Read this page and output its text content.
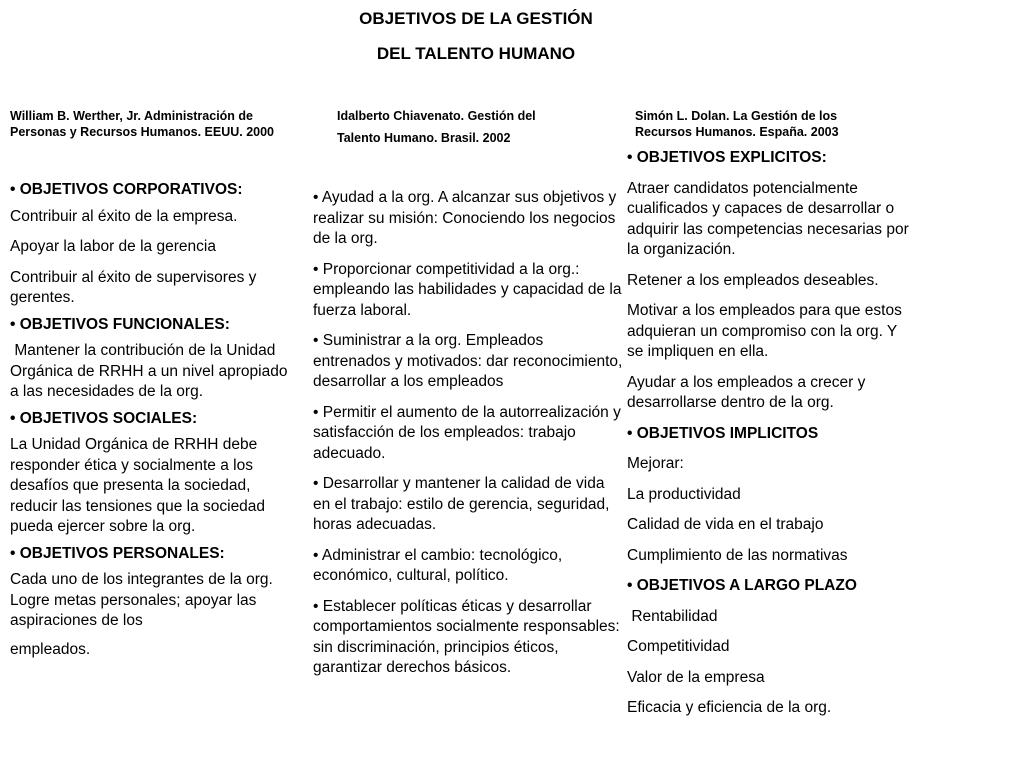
OBJETIVOS DE LA GESTIÓN
DEL TALENTO HUMANO
William B. Werther, Jr. Administración de Personas y Recursos Humanos. EEUU. 2000
Idalberto Chiavenato. Gestión del
Talento Humano. Brasil. 2002
Simón L. Dolan. La Gestión de los Recursos Humanos. España. 2003

• OBJETIVOS CORPORATIVOS:

Contribuir al éxito de la empresa.

Apoyar la labor de la gerencia

Contribuir al éxito de supervisores y gerentes.

• OBJETIVOS FUNCIONALES:

Mantener la contribución de la Unidad Orgánica de RRHH a un nivel apropiado a las necesidades de la org.

• OBJETIVOS SOCIALES:

La Unidad Orgánica de RRHH debe responder ética y socialmente a los desafíos que presenta la sociedad, reducir las tensiones que la sociedad pueda ejercer sobre la org.

• OBJETIVOS PERSONALES:

Cada uno de los integrantes de la org. Logre metas personales; apoyar las aspiraciones de los

empleados.

• Ayudad a la org. A alcanzar sus objetivos y realizar su misión: Conociendo los negocios de la org.

• Proporcionar competitividad a la org.: empleando las habilidades y capacidad de la fuerza laboral.

• Suministrar a la org. Empleados entrenados y motivados: dar reconocimiento, desarrollar a los empleados

• Permitir el aumento de la autorrealización y satisfacción de los empleados: trabajo adecuado.

• Desarrollar y mantener la calidad de vida en el trabajo: estilo de gerencia, seguridad, horas adecuadas.

• Administrar el cambio: tecnológico, económico, cultural, político.

• Establecer políticas éticas y desarrollar comportamientos socialmente responsables: sin discriminación, principios éticos, garantizar derechos básicos.

• OBJETIVOS EXPLICITOS:

Atraer candidatos potencialmente cualificados y capaces de desarrollar o adquirir las competencias necesarias por la organización.

Retener a los empleados deseables.

Motivar a los empleados para que estos adquieran un compromiso con la org. Y se impliquen en ella.

Ayudar a los empleados a crecer y desarrollarse dentro de la org.

• OBJETIVOS IMPLICITOS

Mejorar:

La productividad

Calidad de vida en el trabajo

Cumplimiento de las normativas

• OBJETIVOS A LARGO PLAZO

Rentabilidad

Competitividad

Valor de la empresa

Eficacia y eficiencia de la org.
